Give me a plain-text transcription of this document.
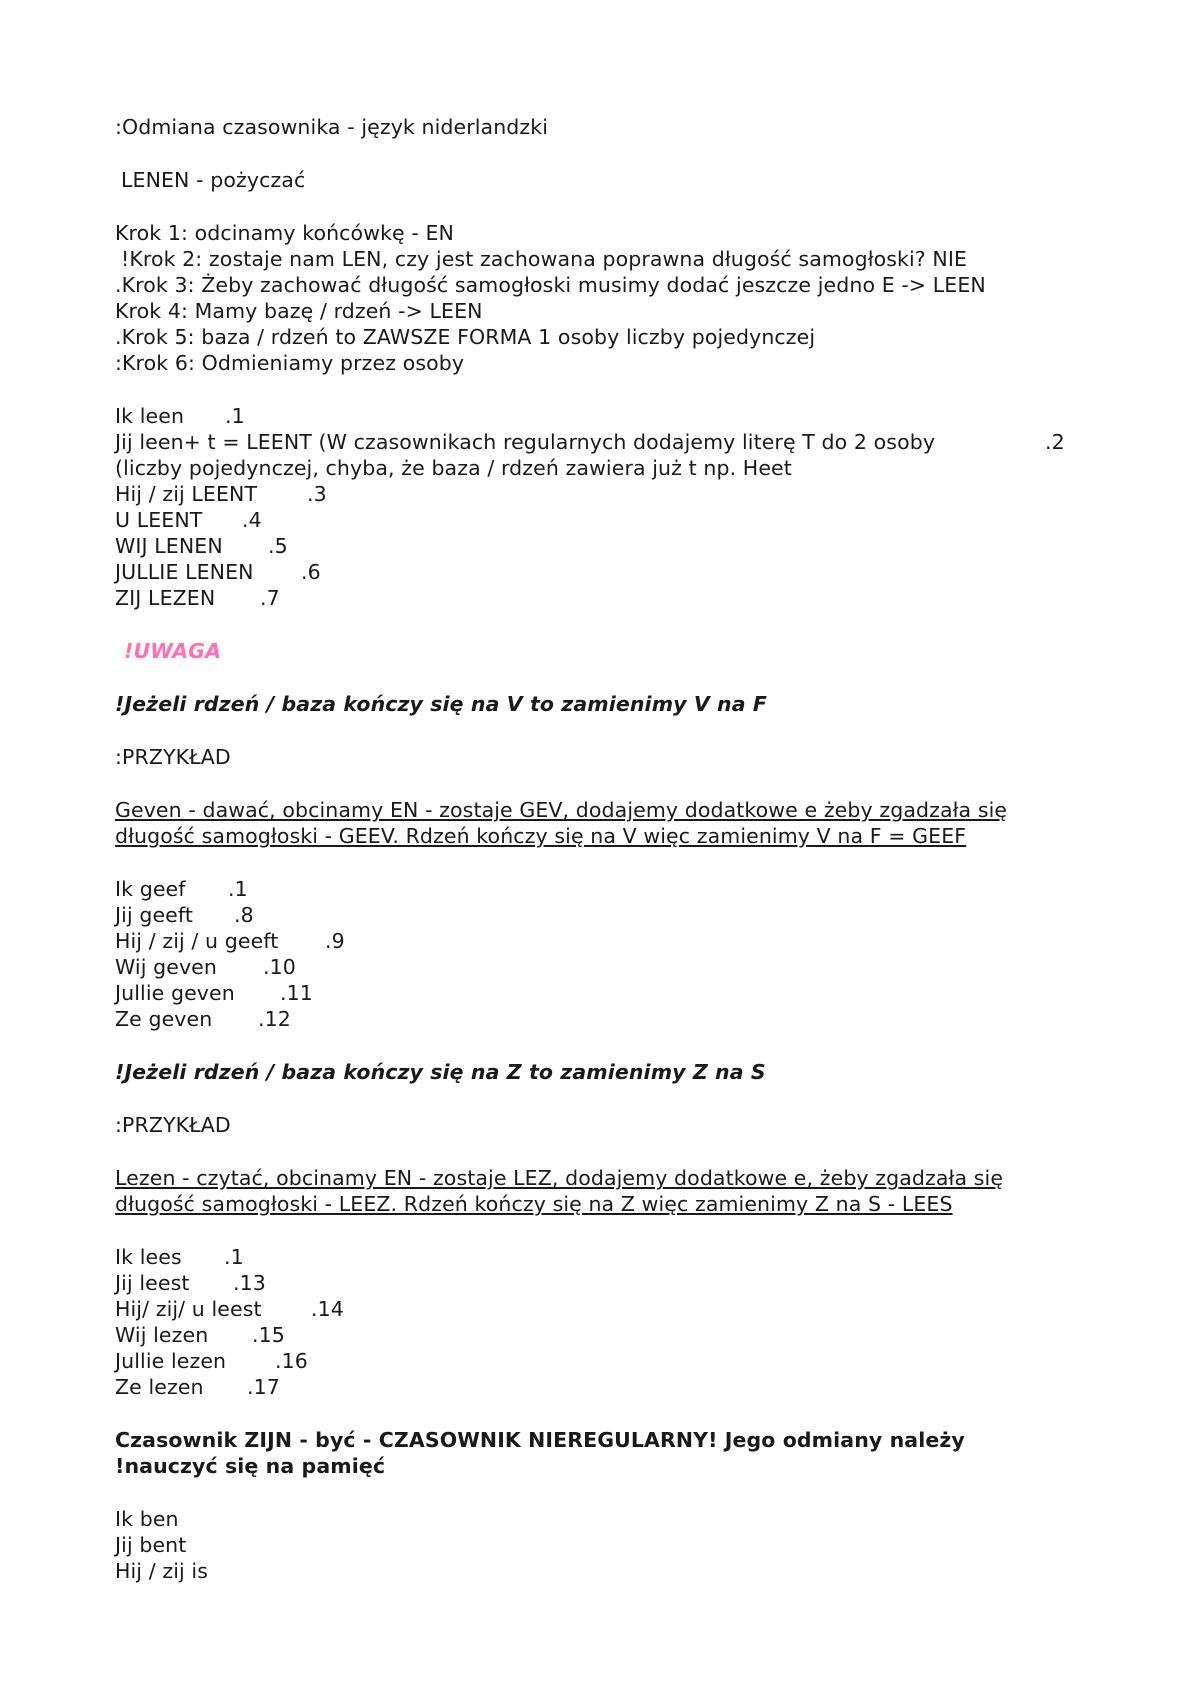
:Odmiana czasownika - język niderlandzki

LENEN - pożyczać

Krok 1: odcinamy końcówkę - EN

!Krok 2: zostaje nam LEN, czy jest zachowana poprawna długość samogłoski? NIE

.Krok 3: Żeby zachować długość samogłoski musimy dodać jeszcze jedno E -> LEEN

Krok 4: Mamy bazę / rdzeń -> LEEN

.Krok 5: baza / rdzeń to ZAWSZE FORMA 1 osoby liczby pojedynczej

:Krok 6: Odmieniamy przez osoby

Ik leen .1

Jij leen+ t = LEENT (W czasownikach regularnych dodajemy literę T do 2 osoby	.2

(liczby pojedynczej, chyba, że baza / rdzeń zawiera już t np. Heet

Hij / zij LEENT .3

U LEENT .4

WIJ LENEN .5

JULLIE LENEN .6

ZIJ LEZEN .7

!UWAGA

!Jeżeli rdzeń / baza kończy się na V to zamienimy V na F

:PRZYKŁAD

Geven - dawać, obcinamy EN - zostaje GEV, dodajemy dodatkowe e żeby zgadzała się

długość samogłoski - GEEV. Rdzeń kończy się na V więc zamienimy V na F = GEEF

Ik geef .1

Jij geeft .8

Hij / zij / u geeft .9

Wij geven .10

Jullie geven .11

Ze geven .12

!Jeżeli rdzeń / baza kończy się na Z to zamienimy Z na S

:PRZYKŁAD

Lezen - czytać, obcinamy EN - zostaje LEZ, dodajemy dodatkowe e, żeby zgadzała się

długość samogłoski - LEEZ. Rdzeń kończy się na Z więc zamienimy Z na S - LEES

Ik lees .1

Jij leest .13

Hij/ zij/ u leest .14

Wij lezen .15

Jullie lezen .16

Ze lezen .17

Czasownik ZIJN - być - CZASOWNIK NIEREGULARNY! Jego odmiany należy

!nauczyć się na pamięć

Ik ben

Jij bent

Hij / zij is
